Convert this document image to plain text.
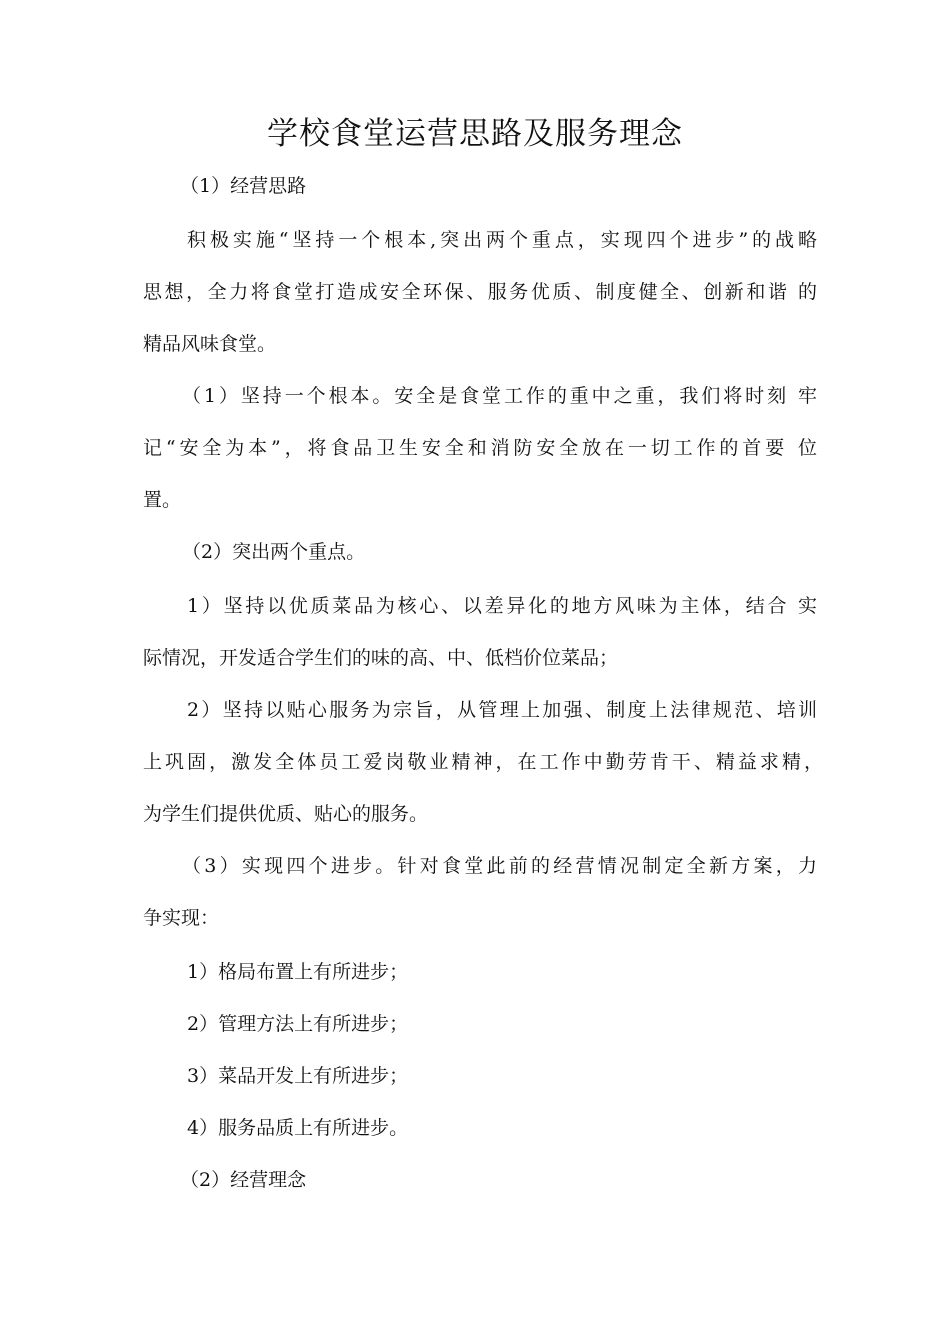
学校食堂运营思路及服务理念
（1）经营思路
积极实施“坚持一个根本,突出两个重点，实现四个进步”的战略
思想，全力将食堂打造成安全环保、服务优质、制度健全、创新和谐 的
精品风味食堂。
（1）坚持一个根本。安全是食堂工作的重中之重，我们将时刻 牢
记“安全为本”，将食品卫生安全和消防安全放在一切工作的首要 位
置。
（2）突出两个重点。
1）坚持以优质菜品为核心、以差异化的地方风味为主体，结合 实
际情况，开发适合学生们的味的高、中、低档价位菜品；
2）坚持以贴心服务为宗旨，从管理上加强、制度上法律规范、培训
上巩固，激发全体员工爱岗敬业精神，在工作中勤劳肯干、精益求精，
为学生们提供优质、贴心的服务。
（3）实现四个进步。针对食堂此前的经营情况制定全新方案，力
争实现：
1）格局布置上有所进步；
2）管理方法上有所进步；
3）菜品开发上有所进步；
4）服务品质上有所进步。
（2）经营理念
